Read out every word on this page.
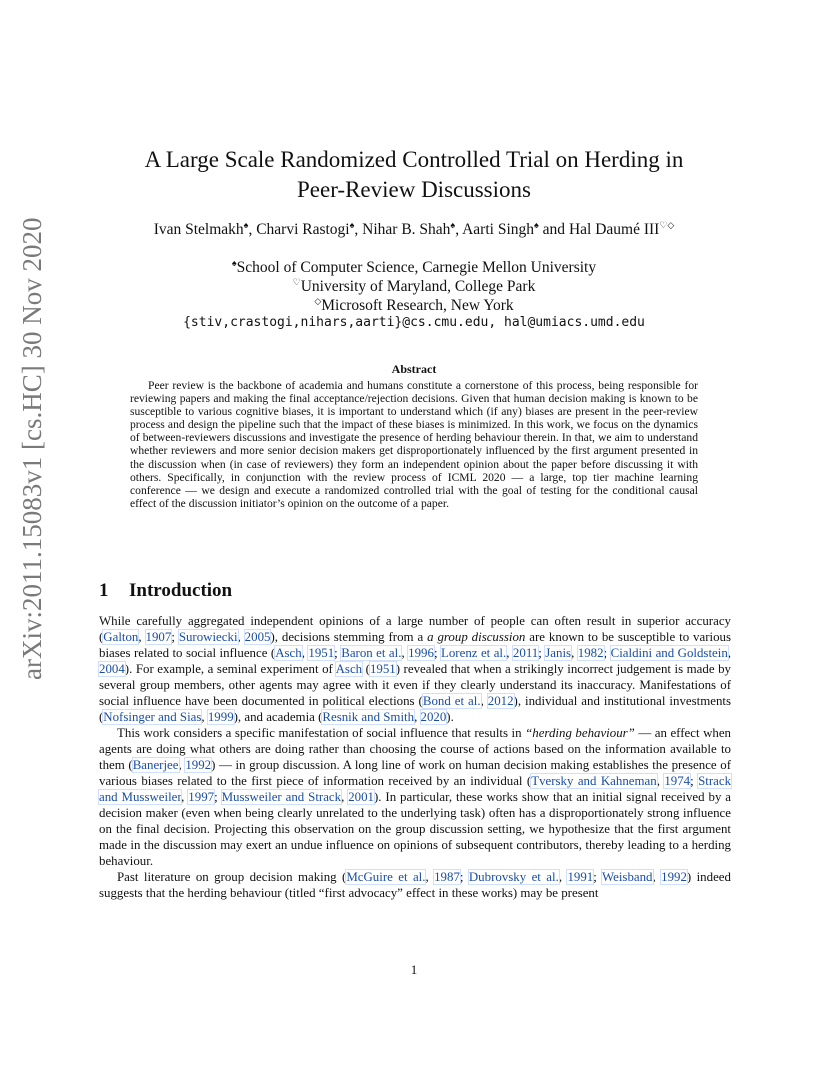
arXiv:2011.15083v1 [cs.HC] 30 Nov 2020
A Large Scale Randomized Controlled Trial on Herding in
Peer-Review Discussions
Ivan Stelmakh♠, Charvi Rastogi♠, Nihar B. Shah♠, Aarti Singh♠ and Hal Daumé III♡◇
♠School of Computer Science, Carnegie Mellon University
♡University of Maryland, College Park
◇Microsoft Research, New York
{stiv,crastogi,nihars,aarti}@cs.cmu.edu, hal@umiacs.umd.edu
Abstract
Peer review is the backbone of academia and humans constitute a cornerstone of this process, being responsible for reviewing papers and making the final acceptance/rejection decisions. Given that human decision making is known to be susceptible to various cognitive biases, it is important to understand which (if any) biases are present in the peer-review process and design the pipeline such that the impact of these biases is minimized. In this work, we focus on the dynamics of between-reviewers discussions and investigate the presence of herding behaviour therein. In that, we aim to understand whether reviewers and more senior decision makers get disproportionately influenced by the first argument presented in the discussion when (in case of reviewers) they form an independent opinion about the paper before discussing it with others. Specifically, in conjunction with the review process of ICML 2020 — a large, top tier machine learning conference — we design and execute a randomized controlled trial with the goal of testing for the conditional causal effect of the discussion initiator’s opinion on the outcome of a paper.
1 Introduction

While carefully aggregated independent opinions of a large number of people can often result in superior accuracy (Galton, 1907; Surowiecki, 2005), decisions stemming from a a group discussion are known to be susceptible to various biases related to social influence (Asch, 1951; Baron et al., 1996; Lorenz et al., 2011; Janis, 1982; Cialdini and Goldstein, 2004). For example, a seminal experiment of Asch (1951) revealed that when a strikingly incorrect judgement is made by several group members, other agents may agree with it even if they clearly understand its inaccuracy. Manifestations of social influence have been documented in political elections (Bond et al., 2012), individual and institutional investments (Nofsinger and Sias, 1999), and academia (Resnik and Smith, 2020).

This work considers a specific manifestation of social influence that results in “herding behaviour” — an effect when agents are doing what others are doing rather than choosing the course of actions based on the information available to them (Banerjee, 1992) — in group discussion. A long line of work on human decision making establishes the presence of various biases related to the first piece of information received by an individual (Tversky and Kahneman, 1974; Strack and Mussweiler, 1997; Mussweiler and Strack, 2001). In particular, these works show that an initial signal received by a decision maker (even when being clearly unrelated to the underlying task) often has a disproportionately strong influence on the final decision. Projecting this observation on the group discussion setting, we hypothesize that the first argument made in the discussion may exert an undue influence on opinions of subsequent contributors, thereby leading to a herding behaviour.

Past literature on group decision making (McGuire et al., 1987; Dubrovsky et al., 1991; Weisband, 1992) indeed suggests that the herding behaviour (titled “first advocacy” effect in these works) may be present

1
